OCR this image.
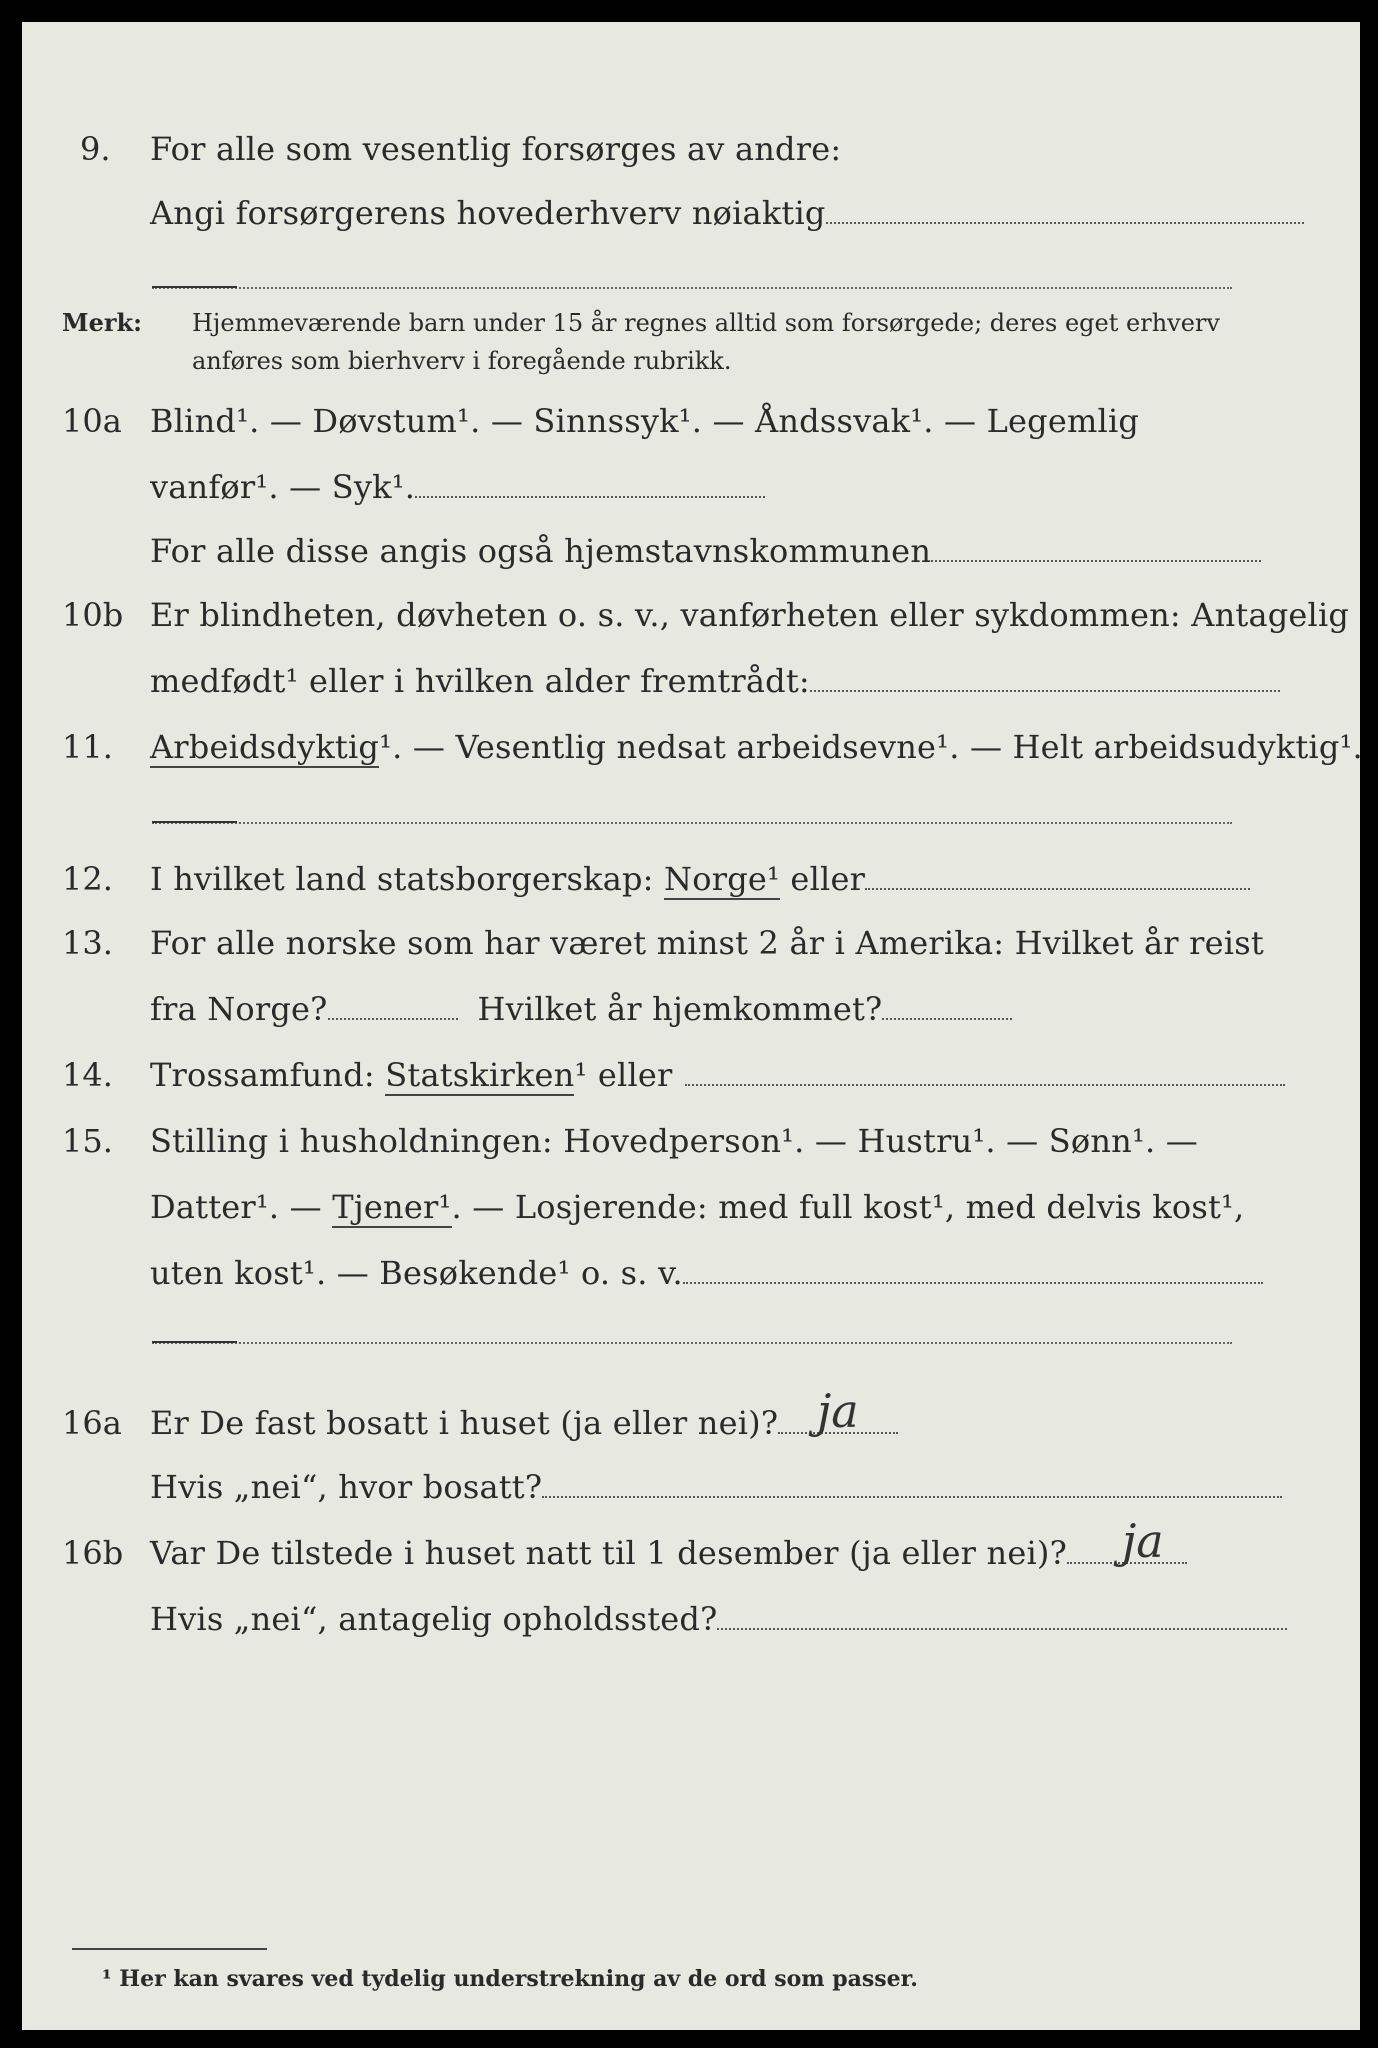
9. For alle som vesentlig forsørges av andre:
Angi forsørgerens hovederhverv nøiaktig
Merk: Hjemmeværende barn under 15 år regnes alltid som forsørgede; deres eget erhverv
anføres som bierhverv i foregående rubrikk.
10a Blind¹. — Døvstum¹. — Sinnssyk¹. — Åndssvak¹. — Legemlig
vanfør¹. — Syk¹.
For alle disse angis også hjemstavnskommunen
10b Er blindheten, døvheten o. s. v., vanførheten eller sykdommen: Antagelig
medfødt¹ eller i hvilken alder fremtrådt:
11. Arbeidsdyktig¹. — Vesentlig nedsat arbeidsevne¹. — Helt arbeidsudyktig¹.
12. I hvilket land statsborgerskap: Norge¹ eller
13. For alle norske som har været minst 2 år i Amerika: Hvilket år reist
fra Norge?	Hvilket år hjemkommet?
14. Trossamfund: Statskirken¹ eller
15. Stilling i husholdningen: Hovedperson¹. — Hustru¹. — Sønn¹. —
Datter¹. — Tjener¹. — Losjerende: med full kost¹, med delvis kost¹,
uten kost¹. — Besøkende¹ o. s. v.
16a Er De fast bosatt i huset (ja eller nei)? ja
Hvis „nei“, hvor bosatt?
16b Var De tilstede i huset natt til 1 desember (ja eller nei)?	ja
Hvis „nei“, antagelig opholdssted?
¹ Her kan svares ved tydelig understrekning av de ord som passer.
